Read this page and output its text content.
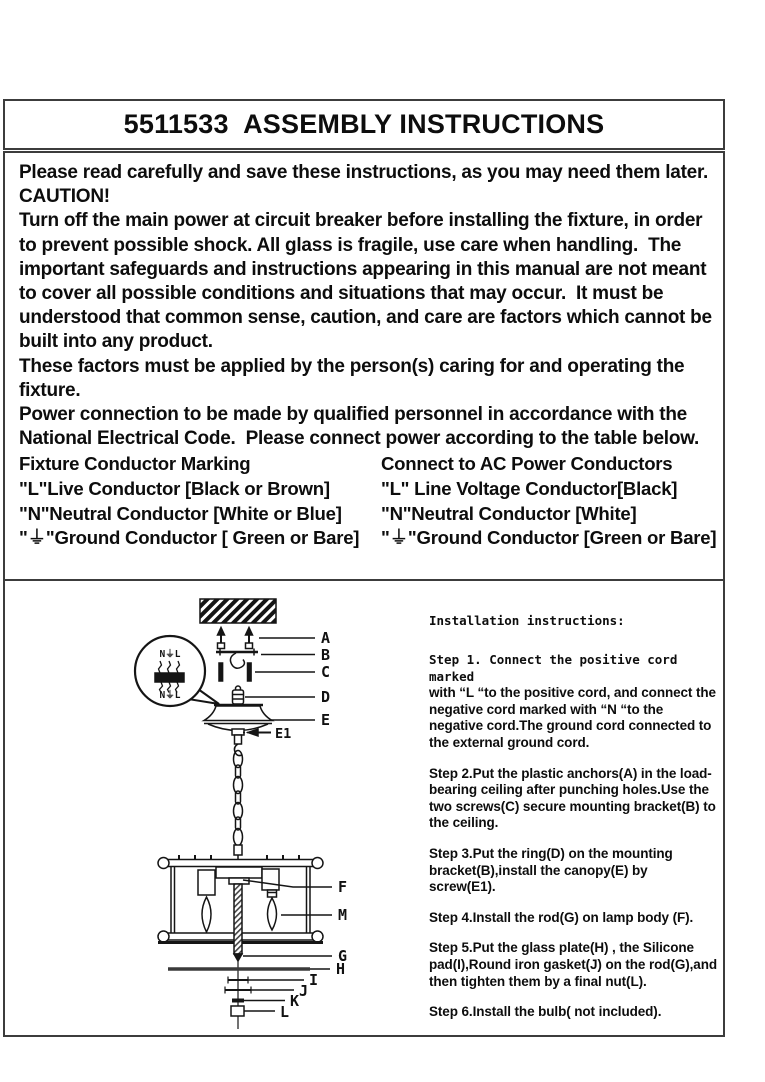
5511533  ASSEMBLY INSTRUCTIONS

Please read carefully and save these instructions, as you may need them later. CAUTION!

Turn off the main power at circuit breaker before installing the fixture, in order to prevent possible shock. All glass is fragile, use care when handling.  The important safeguards and instructions appearing in this manual are not meant to cover all possible conditions and situations that may occur.  It must be understood that common sense, caution, and care are factors which cannot be built into any product.

These factors must be applied by the person(s) caring for and operating the fixture.

Power connection to be made by qualified personnel in accordance with the National Electrical Code.  Please connect power according to the table below.

Fixture Conductor Marking	Connect to AC Power Conductors
"L"Live Conductor [Black or Brown]	"L" Line Voltage Conductor[Black]
"N"Neutral Conductor [White or Blue]	"N"Neutral Conductor [White]
"⏚"Ground Conductor [ Green or Bare]	"⏚"Ground Conductor [Green or Bare]
N⏚L
N⏚L
A
B
C
D
E
E1
F
M
G
H
I
J
K
L
Installation instructions:
Step 1. Connect the positive cord marked
with “L “to the positive cord, and connect the negative cord marked with “N “to the negative cord.The ground cord connected to the external ground cord.
Step 2.Put the plastic anchors(A) in the load-bearing ceiling after punching holes.Use the two screws(C) secure mounting bracket(B) to the ceiling.
Step 3.Put the ring(D) on the mounting bracket(B),install the canopy(E) by screw(E1).
Step 4.Install the rod(G) on lamp body (F).
Step 5.Put the glass plate(H) , the Silicone pad(I),Round iron gasket(J) on the rod(G),and then tighten them by a final nut(L).
Step 6.Install the bulb( not included).
